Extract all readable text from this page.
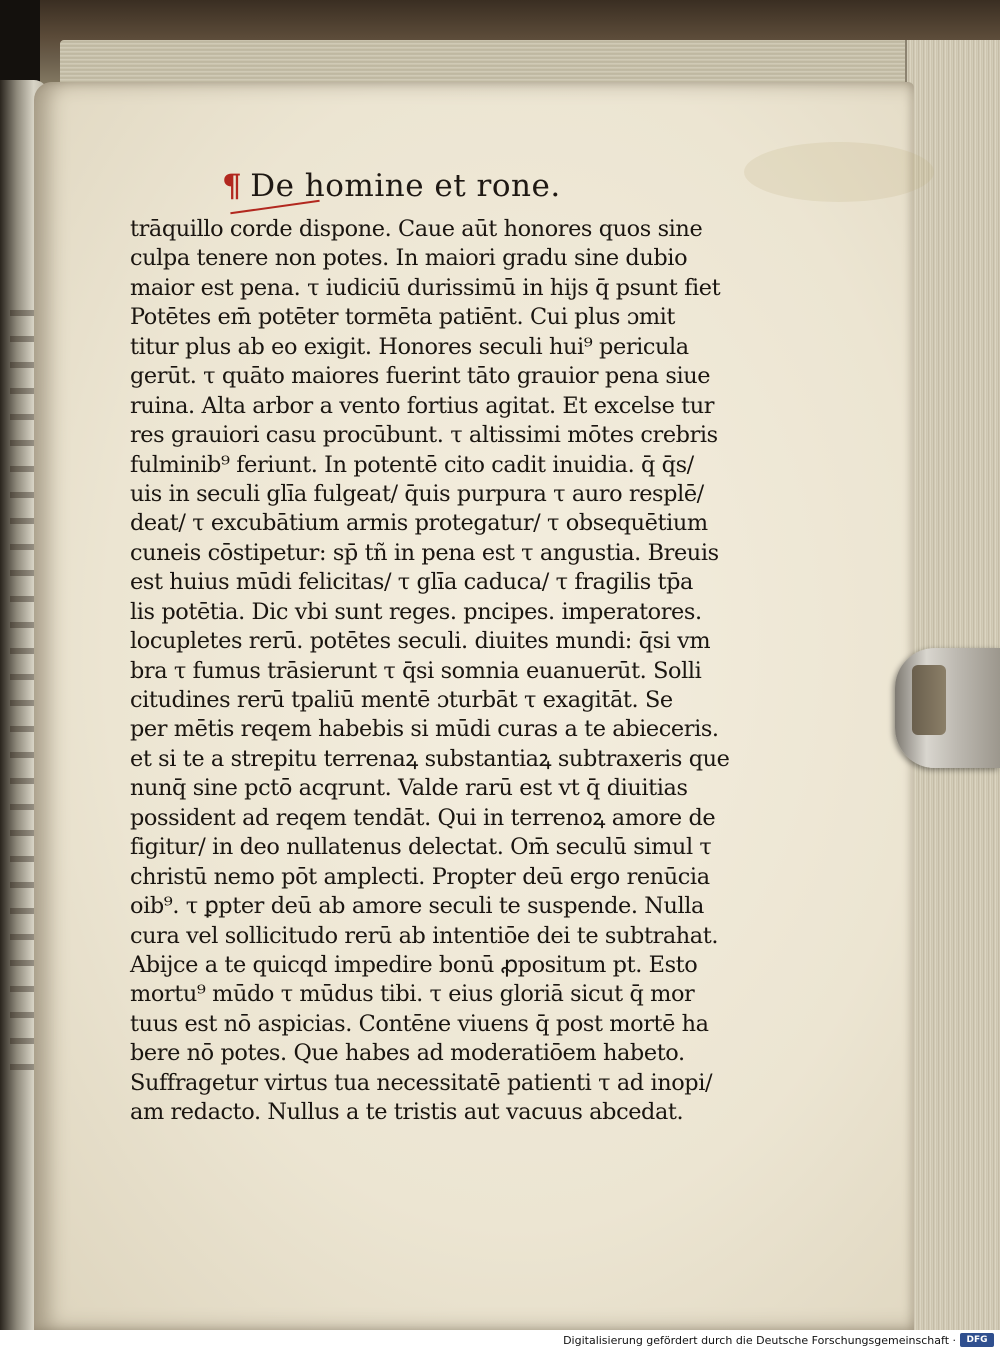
¶ De homine et rone.
trāquillo corde dispone. Caue aūt honores quos sine
culpa tenere non potes. In maiori gradu sine dubio
maior est pena. τ iudiciū durissimū in hijs q̄ psunt fiet
Potētes em̄ potēter tormēta patiēnt. Cui plus ɔmit
titur plus ab eo exigit. Honores seculi hui⁹ pericula
gerūt. τ quāto maiores fuerint tāto grauior pena siue
ruina. Alta arbor a vento fortius agitat. Et excelse tur
res grauiori casu procūbunt. τ altissimi mōtes crebris
fulminib⁹ feriunt. In potentē cito cadit inuidia. q̄ q̄s/
uis in seculi glīa fulgeat/ q̄uis purpura τ auro resplē/
deat/ τ excubātium armis protegatur/ τ obsequētium
cuneis cōstipetur: sp̄ tñ in pena est τ angustia. Breuis
est huius mūdi felicitas/ τ glīa caduca/ τ fragilis tp̄a
lis potētia. Dic vbi sunt reges. pncipes. imperatores.
locupletes rerū. potētes seculi. diuites mundi: q̄si vm
bra τ fumus trāsierunt τ q̄si somnia euanuerūt. Solli
citudines rerū tpaliū mentē ɔturbāt τ exagitāt. Se
per mētis reqem habebis si mūdi curas a te abieceris.
et si te a strepitu terrenaꝝ substantiaꝝ subtraxeris que
nunq̄ sine pctō acqrunt. Valde rarū est vt q̄ diuitias
possident ad reqem tendāt. Qui in terrenoꝝ amore de
figitur/ in deo nullatenus delectat. Om̄ seculū simul τ
christū nemo pōt amplecti. Propter deū ergo renūcia
oib⁹. τ ꝑpter deū ab amore seculi te suspende. Nulla
cura vel sollicitudo rerū ab intentiōe dei te subtrahat.
Abijce a te quicqd impedire bonū ꝓpositum pt. Esto
mortu⁹ mūdo τ mūdus tibi. τ eius gloriā sicut q̄ mor
tuus est nō aspicias. Contēne viuens q̄ post mortē ha
bere nō potes. Que habes ad moderatiōem habeto.
Suffragetur virtus tua necessitatē patienti τ ad inopi/
am redacto. Nullus a te tristis aut vacuus abcedat.
Digitalisierung gefördert durch die Deutsche Forschungsgemeinschaft ·	DFG
